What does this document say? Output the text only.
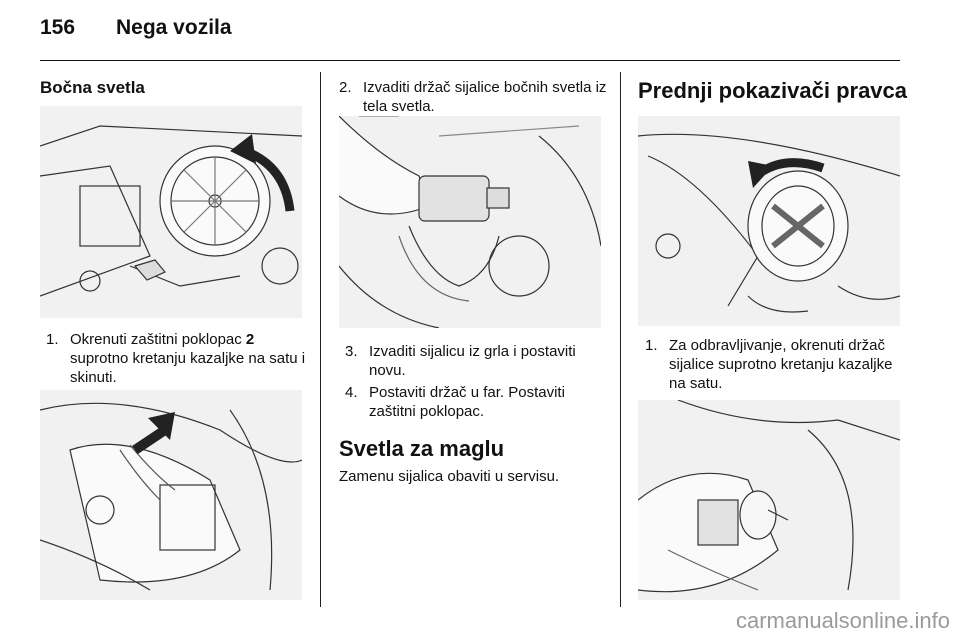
156 Nega vozila
Bočna svetla
1. Okrenuti zaštitni poklopac 2 suprotno kretanju kazaljke na satu i skinuti.
2. Izvaditi držač sijalice bočnih svetla iz tela svetla.
3. Izvaditi sijalicu iz grla i postaviti novu.
4. Postaviti držač u far. Postaviti zaštitni poklopac.
Svetla za maglu
Zamenu sijalica obaviti u servisu.
Prednji pokazivači pravca
1. Za odbravljivanje, okrenuti držač sijalice suprotno kretanju kazaljke na satu.
carmanualsonline.info
